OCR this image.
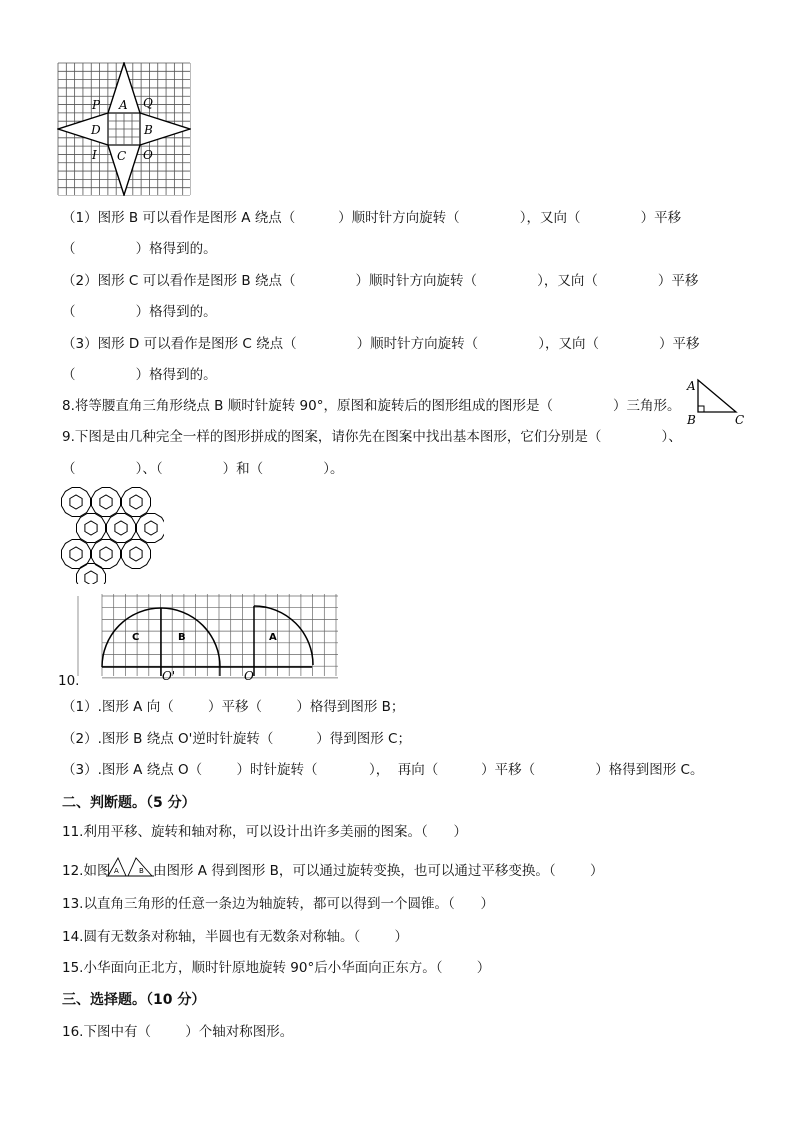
P A Q
D	B
I C O
（1）图形 B 可以看作是图形 A 绕点（          ）顺时针方向旋转（              ），又向（              ）平移
（              ）格得到的。
（2）图形 C 可以看作是图形 B 绕点（              ）顺时针方向旋转（              ），又向（              ）平移
（              ）格得到的。
（3）图形 D 可以看作是图形 C 绕点（              ）顺时针方向旋转（              ），又向（              ）平移
（              ）格得到的。
8.将等腰直角三角形绕点 B 顺时针旋转 90°，原图和旋转后的图形组成的图形是（              ）三角形。
A
B	C
9.下图是由几种完全一样的图形拼成的图案，请你先在图案中找出基本图形，它们分别是（              ）、
（              ）、（              ）和（              ）。
10.
C	B	A
O'	O
（1）.图形 A 向（        ）平移（        ）格得到图形 B；
（2）.图形 B 绕点 O'逆时针旋转（          ）得到图形 C；
（3）.图形 A 绕点 O（        ）时针旋转（            ），  再向（          ）平移（              ）格得到图形 C。
二、判断题。（5 分）
11.利用平移、旋转和轴对称，可以设计出许多美丽的图案。（      ）
12.如图 A	B 由图形 A 得到图形 B，可以通过旋转变换，也可以通过平移变换。（        ）
13.以直角三角形的任意一条边为轴旋转，都可以得到一个圆锥。（      ）
14.圆有无数条对称轴，半圆也有无数条对称轴。（        ）
15.小华面向正北方，顺时针原地旋转 90°后小华面向正东方。（        ）
三、选择题。（10 分）
16.下图中有（        ）个轴对称图形。
